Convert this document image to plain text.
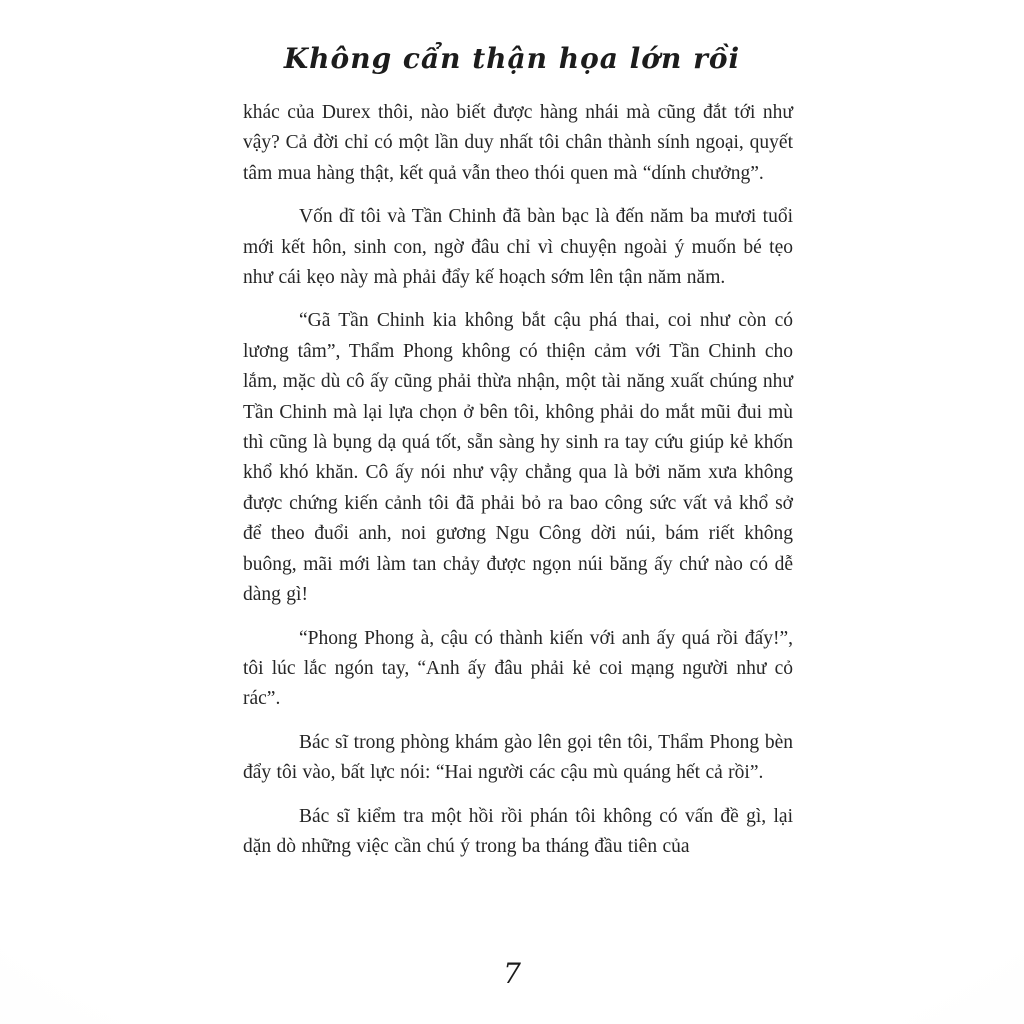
Không cẩn thận họa lớn rồi

khác của Durex thôi, nào biết được hàng nhái mà cũng đắt tới như vậy? Cả đời chỉ có một lần duy nhất tôi chân thành sính ngoại, quyết tâm mua hàng thật, kết quả vẫn theo thói quen mà “dính chưởng”.

Vốn dĩ tôi và Tần Chinh đã bàn bạc là đến năm ba mươi tuổi mới kết hôn, sinh con, ngờ đâu chỉ vì chuyện ngoài ý muốn bé tẹo như cái kẹo này mà phải đẩy kế hoạch sớm lên tận năm năm.

“Gã Tần Chinh kia không bắt cậu phá thai, coi như còn có lương tâm”, Thẩm Phong không có thiện cảm với Tần Chinh cho lắm, mặc dù cô ấy cũng phải thừa nhận, một tài năng xuất chúng như Tần Chinh mà lại lựa chọn ở bên tôi, không phải do mắt mũi đui mù thì cũng là bụng dạ quá tốt, sẵn sàng hy sinh ra tay cứu giúp kẻ khốn khổ khó khăn. Cô ấy nói như vậy chẳng qua là bởi năm xưa không được chứng kiến cảnh tôi đã phải bỏ ra bao công sức vất vả khổ sở để theo đuổi anh, noi gương Ngu Công dời núi, bám riết không buông, mãi mới làm tan chảy được ngọn núi băng ấy chứ nào có dễ dàng gì!

“Phong Phong à, cậu có thành kiến với anh ấy quá rồi đấy!”, tôi lúc lắc ngón tay, “Anh ấy đâu phải kẻ coi mạng người như cỏ rác”.

Bác sĩ trong phòng khám gào lên gọi tên tôi, Thẩm Phong bèn đẩy tôi vào, bất lực nói: “Hai người các cậu mù quáng hết cả rồi”.

Bác sĩ kiểm tra một hồi rồi phán tôi không có vấn đề gì, lại dặn dò những việc cần chú ý trong ba tháng đầu tiên của

7
